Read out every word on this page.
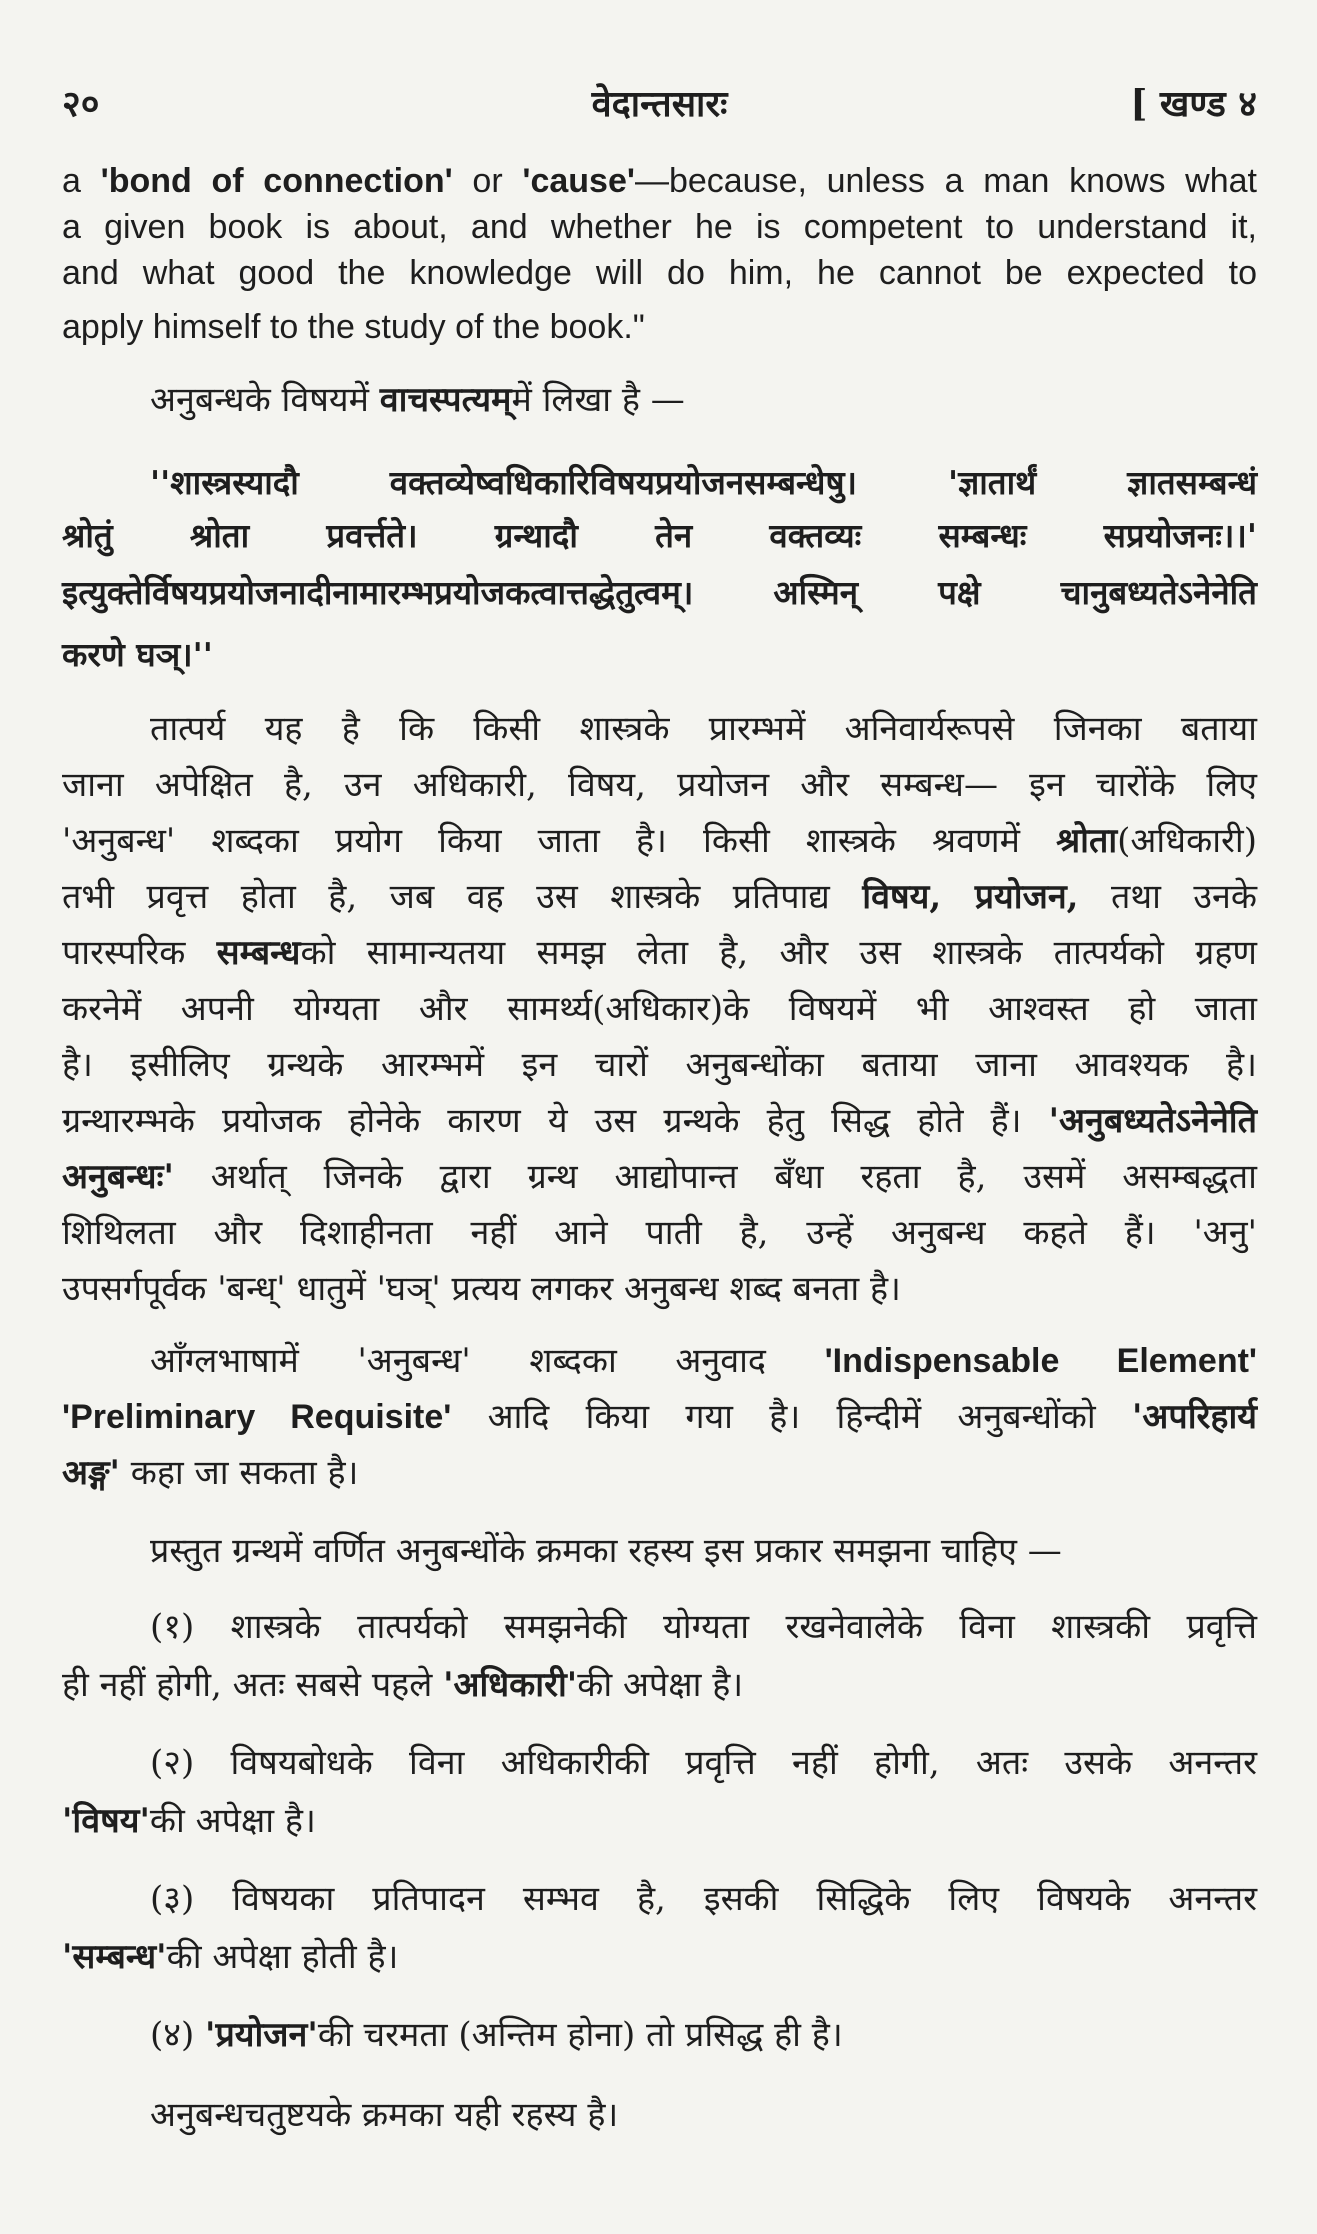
२०	वेदान्तसारः	[ खण्ड ४
a 'bond of connection' or 'cause'—because, unless a man knows what
a given book is about, and whether he is competent to understand it,
and what good the knowledge will do him, he cannot be expected to
apply himself to the study of the book."
अनुबन्धके विषयमें वाचस्पत्यम्में लिखा है —
''शास्त्रस्यादौ वक्तव्येष्वधिकारिविषयप्रयोजनसम्बन्धेषु। 'ज्ञातार्थं ज्ञातसम्बन्धं
श्रोतुं श्रोता प्रवर्त्तते। ग्रन्थादौ तेन वक्तव्यः सम्बन्धः सप्रयोजनः।।'
इत्युक्तेर्विषयप्रयोजनादीनामारम्भप्रयोजकत्वात्तद्धेतुत्वम्। अस्मिन् पक्षे चानुबध्यतेऽनेनेति
करणे घञ्।''
तात्पर्य यह है कि किसी शास्त्रके प्रारम्भमें अनिवार्यरूपसे जिनका बताया
जाना अपेक्षित है, उन अधिकारी, विषय, प्रयोजन और सम्बन्ध— इन चारोंके लिए
'अनुबन्ध' शब्दका प्रयोग किया जाता है। किसी शास्त्रके श्रवणमें श्रोता(अधिकारी)
तभी प्रवृत्त होता है, जब वह उस शास्त्रके प्रतिपाद्य विषय, प्रयोजन, तथा उनके
पारस्परिक सम्बन्धको सामान्यतया समझ लेता है, और उस शास्त्रके तात्पर्यको ग्रहण
करनेमें अपनी योग्यता और सामर्थ्य(अधिकार)के विषयमें भी आश्वस्त हो जाता
है। इसीलिए ग्रन्थके आरम्भमें इन चारों अनुबन्धोंका बताया जाना आवश्यक है।
ग्रन्थारम्भके प्रयोजक होनेके कारण ये उस ग्रन्थके हेतु सिद्ध होते हैं। 'अनुबध्यतेऽनेनेति
अनुबन्धः' अर्थात् जिनके द्वारा ग्रन्थ आद्योपान्त बँधा रहता है, उसमें असम्बद्धता
शिथिलता और दिशाहीनता नहीं आने पाती है, उन्हें अनुबन्ध कहते हैं। 'अनु'
उपसर्गपूर्वक 'बन्ध्' धातुमें 'घञ्' प्रत्यय लगकर अनुबन्ध शब्द बनता है।
आँग्लभाषामें 'अनुबन्ध' शब्दका अनुवाद 'Indispensable Element'
'Preliminary Requisite' आदि किया गया है। हिन्दीमें अनुबन्धोंको 'अपरिहार्य
अङ्ग' कहा जा सकता है।
प्रस्तुत ग्रन्थमें वर्णित अनुबन्धोंके क्रमका रहस्य इस प्रकार समझना चाहिए —
(१) शास्त्रके तात्पर्यको समझनेकी योग्यता रखनेवालेके विना शास्त्रकी प्रवृत्ति
ही नहीं होगी, अतः सबसे पहले 'अधिकारी'की अपेक्षा है।
(२) विषयबोधके विना अधिकारीकी प्रवृत्ति नहीं होगी, अतः उसके अनन्तर
'विषय'की अपेक्षा है।
(३) विषयका प्रतिपादन सम्भव है, इसकी सिद्धिके लिए विषयके अनन्तर
'सम्बन्ध'की अपेक्षा होती है।
(४) 'प्रयोजन'की चरमता (अन्तिम होना) तो प्रसिद्ध ही है।
अनुबन्धचतुष्टयके क्रमका यही रहस्य है।
